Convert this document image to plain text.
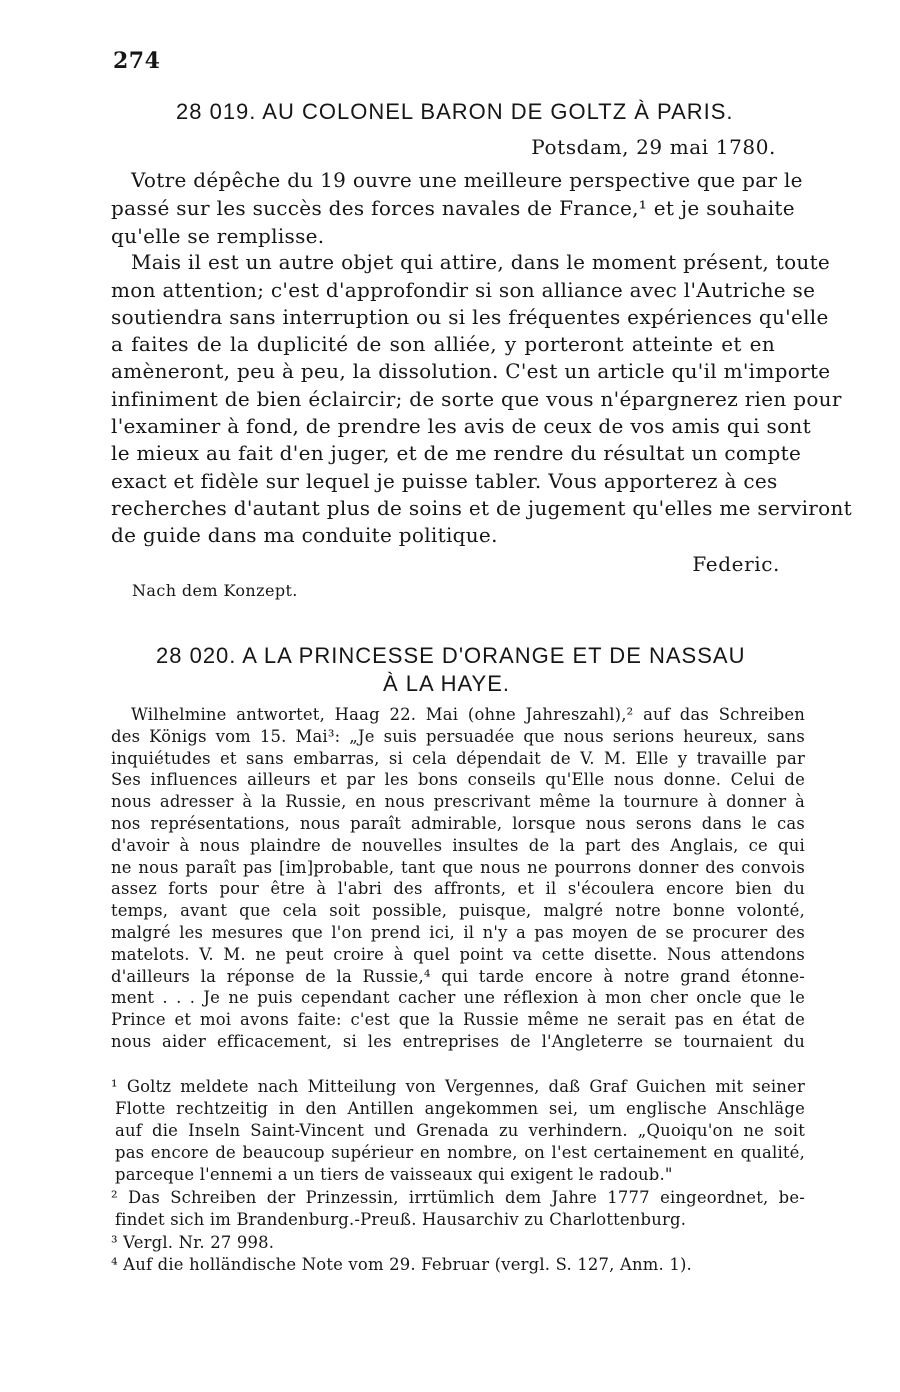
274
28 019. AU COLONEL BARON DE GOLTZ À PARIS.
Potsdam, 29 mai 1780.
Votre dépêche du 19 ouvre une meilleure perspective que par le
passé sur les succès des forces navales de France,¹ et je souhaite
qu'elle se remplisse.
Mais il est un autre objet qui attire, dans le moment présent, toute
mon attention; c'est d'approfondir si son alliance avec l'Autriche se
soutiendra sans interruption ou si les fréquentes expériences qu'elle
a faites de la duplicité de son alliée, y porteront atteinte et en
amèneront, peu à peu, la dissolution. C'est un article qu'il m'importe
infiniment de bien éclaircir; de sorte que vous n'épargnerez rien pour
l'examiner à fond, de prendre les avis de ceux de vos amis qui sont
le mieux au fait d'en juger, et de me rendre du résultat un compte
exact et fidèle sur lequel je puisse tabler. Vous apporterez à ces
recherches d'autant plus de soins et de jugement qu'elles me serviront
de guide dans ma conduite politique.
Federic.
Nach dem Konzept.
28 020. A LA PRINCESSE D'ORANGE ET DE NASSAU
À LA HAYE.
Wilhelmine antwortet, Haag 22. Mai (ohne Jahreszahl),² auf das Schreiben
des Königs vom 15. Mai³: „Je suis persuadée que nous serions heureux, sans
inquiétudes et sans embarras, si cela dépendait de V. M. Elle y travaille par
Ses influences ailleurs et par les bons conseils qu'Elle nous donne. Celui de
nous adresser à la Russie, en nous prescrivant même la tournure à donner à
nos représentations, nous paraît admirable, lorsque nous serons dans le cas
d'avoir à nous plaindre de nouvelles insultes de la part des Anglais, ce qui
ne nous paraît pas [im]probable, tant que nous ne pourrons donner des convois
assez forts pour être à l'abri des affronts, et il s'écoulera encore bien du
temps, avant que cela soit possible, puisque, malgré notre bonne volonté,
malgré les mesures que l'on prend ici, il n'y a pas moyen de se procurer des
matelots. V. M. ne peut croire à quel point va cette disette. Nous attendons
d'ailleurs la réponse de la Russie,⁴ qui tarde encore à notre grand étonne-
ment . . . Je ne puis cependant cacher une réflexion à mon cher oncle que le
Prince et moi avons faite: c'est que la Russie même ne serait pas en état de
nous aider efficacement, si les entreprises de l'Angleterre se tournaient du
¹ Goltz meldete nach Mitteilung von Vergennes, daß Graf Guichen mit seiner
Flotte rechtzeitig in den Antillen angekommen sei, um englische Anschläge
auf die Inseln Saint-Vincent und Grenada zu verhindern. „Quoiqu'on ne soit
pas encore de beaucoup supérieur en nombre, on l'est certainement en qualité,
parceque l'ennemi a un tiers de vaisseaux qui exigent le radoub."
² Das Schreiben der Prinzessin, irrtümlich dem Jahre 1777 eingeordnet, be-
findet sich im Brandenburg.-Preuß. Hausarchiv zu Charlottenburg.
³ Vergl. Nr. 27 998.
⁴ Auf die holländische Note vom 29. Februar (vergl. S. 127, Anm. 1).
